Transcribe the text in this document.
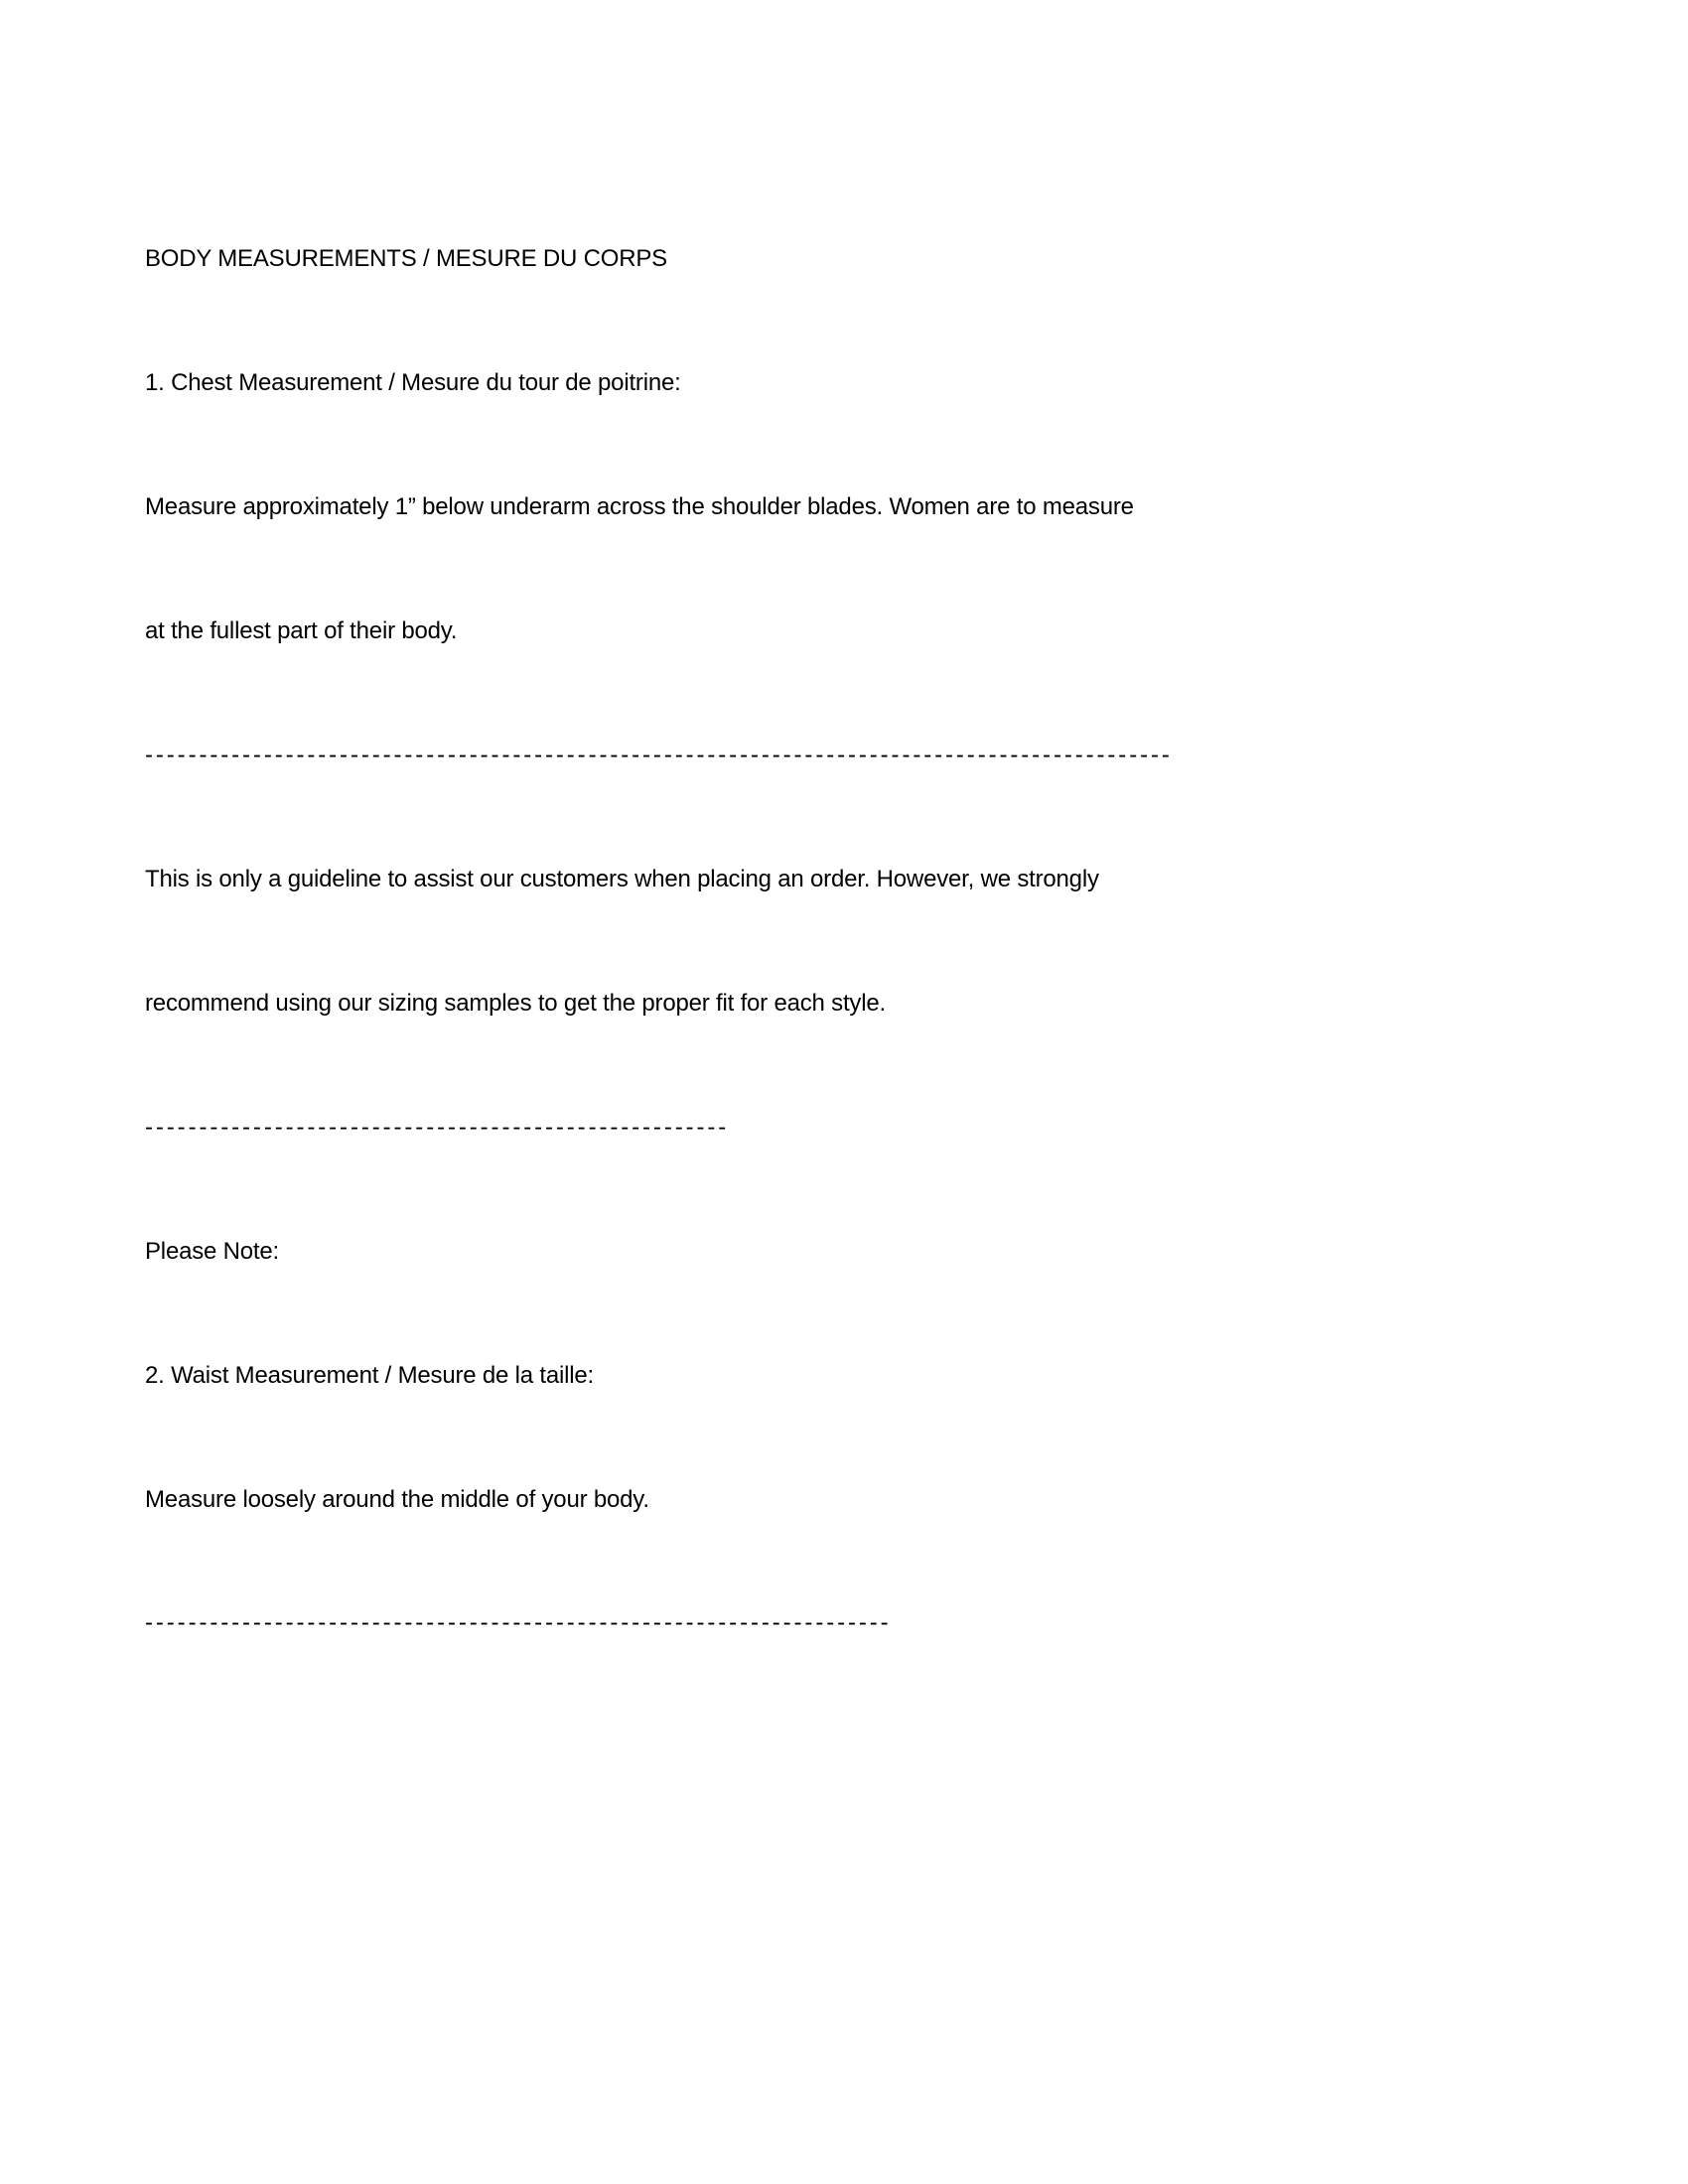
BODY MEASUREMENTS / MESURE DU CORPS

1. Chest Measurement / Mesure du tour de poitrine:

Measure approximately 1” below underarm across the shoulder blades. Women are to measure

at the fullest part of their body.

-----------------------------------------------------------------------------------------------

This is only a guideline to assist our customers when placing an order. However, we strongly

recommend using our sizing samples to get the proper fit for each style.

------------------------------------------------------

Please Note:

2. Waist Measurement / Mesure de la taille:

Measure loosely around the middle of your body.

---------------------------------------------------------------------
